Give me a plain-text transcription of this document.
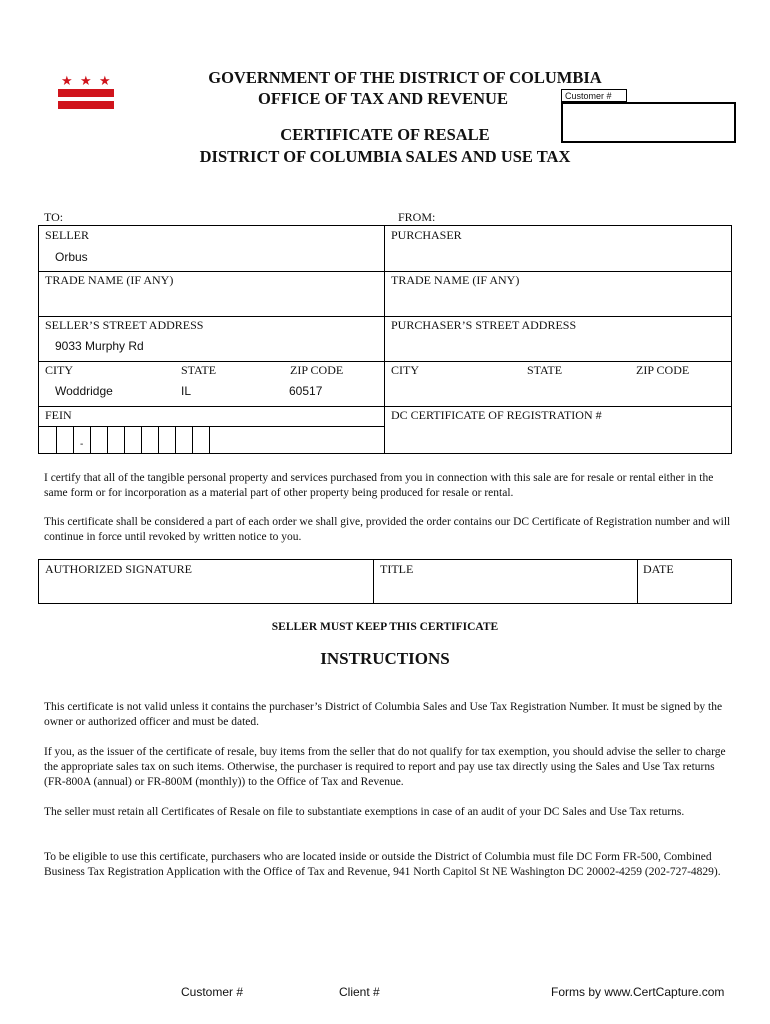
★ ★ ★	GOVERNMENT OF THE DISTRICT OF COLUMBIA
OFFICE OF TAX AND REVENUE	Customer #
CERTIFICATE OF RESALE
DISTRICT OF COLUMBIA SALES AND USE TAX
TO:	FROM:
SELLER	PURCHASER
Orbus
TRADE NAME (IF ANY)	TRADE NAME (IF ANY)
SELLER’S STREET ADDRESS	PURCHASER’S STREET ADDRESS
9033 Murphy Rd
CITY	STATE	ZIP CODE	CITY	STATE	ZIP CODE
Woddridge	IL	60517
FEIN	DC CERTIFICATE OF REGISTRATION #
-
I certify that all of the tangible personal property and services purchased from you in connection with this sale are for resale or rental either in the same form or for incorporation as a material part of other property being produced for resale or rental.
This certificate shall be considered a part of each order we shall give, provided the order contains our DC Certificate of Registration number and will continue in force until revoked by written notice to you.
AUTHORIZED SIGNATURE	TITLE	DATE
SELLER MUST KEEP THIS CERTIFICATE
INSTRUCTIONS
This certificate is not valid unless it contains the purchaser’s District of Columbia Sales and Use Tax Registration Number. It must be signed by the owner or authorized officer and must be dated.
If you, as the issuer of the certificate of resale, buy items from the seller that do not qualify for tax exemption, you should advise the seller to charge the appropriate sales tax on such items. Otherwise, the purchaser is required to report and pay use tax directly using the Sales and Use Tax returns (FR-800A (annual) or FR-800M (monthly)) to the Office of Tax and Revenue.
The seller must retain all Certificates of Resale on file to substantiate exemptions in case of an audit of your DC Sales and Use Tax returns.
To be eligible to use this certificate, purchasers who are located inside or outside the District of Columbia must file DC Form FR-500, Combined Business Tax Registration Application with the Office of Tax and Revenue, 941 North Capitol St NE Washington DC 20002-4259 (202-727-4829).
Customer #	Client #	Forms by www.CertCapture.com
